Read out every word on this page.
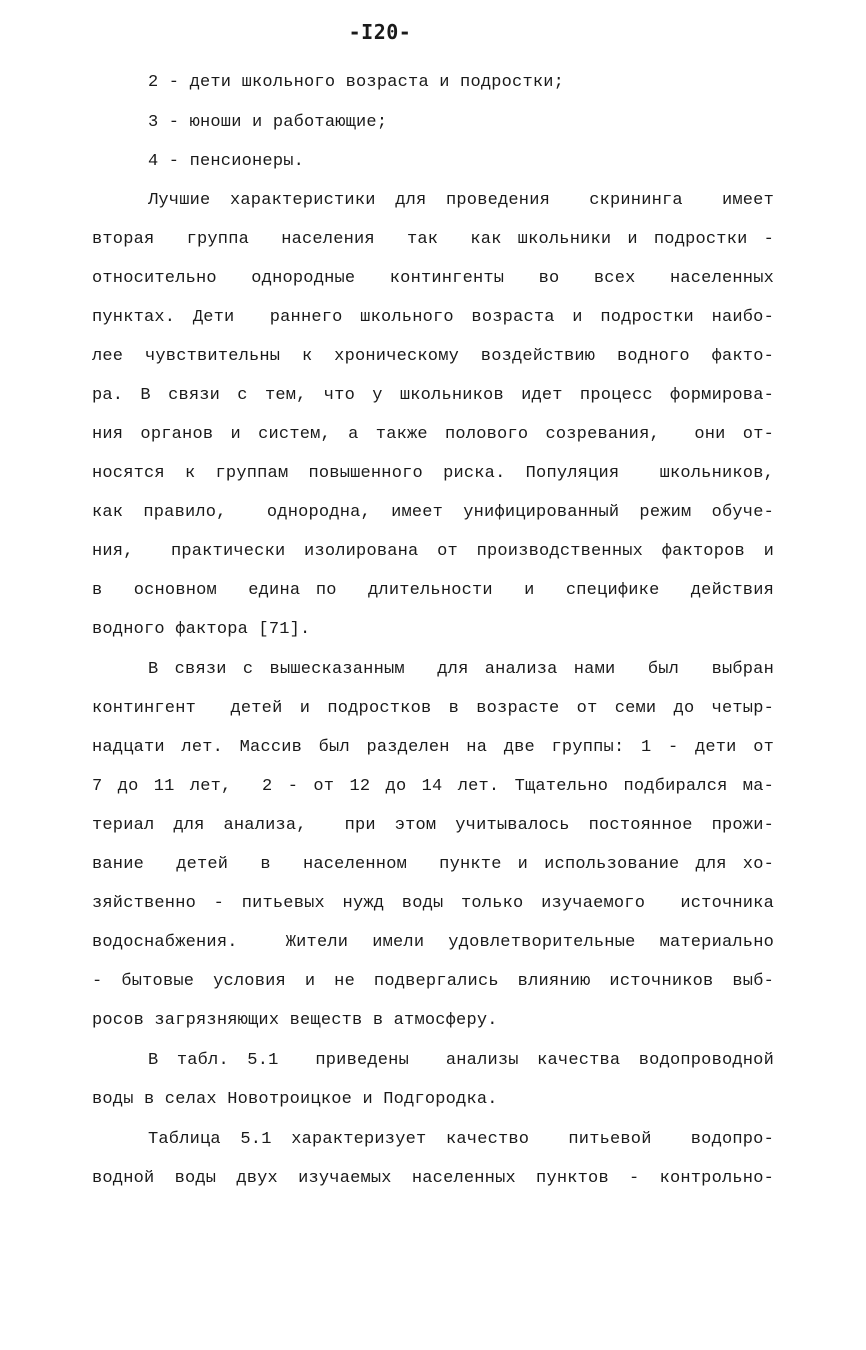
-I20-
2 - дети школьного возраста и подростки;
3 - юноши и работающие;
4 - пенсионеры.
Лучшие характеристики для проведения  скрининга  имеет
вторая  группа  населения  так  как школьники и подростки -
относительно  однородные  контингенты  во  всех  населенных
пунктах. Дети  раннего школьного возраста и подростки наибо-
лее чувствительны к хроническому воздействию водного факто-
ра. В связи с тем, что у школьников идет процесс формирова-
ния органов и систем, а также полового созревания,  они от-
носятся к группам повышенного риска. Популяция  школьников,
как правило,  однородна, имеет унифицированный режим обуче-
ния,  практически изолирована от производственных факторов и
в  основном  едина по  длительности  и  специфике  действия
водного фактора [71].
В связи с вышесказанным  для анализа нами  был  выбран
контингент  детей и подростков в возрасте от семи до четыр-
надцати лет. Массив был разделен на две группы: 1 - дети от
7 до 11 лет,  2 - от 12 до 14 лет. Тщательно подбирался ма-
териал для анализа,  при этом учитывалось постоянное прожи-
вание  детей  в  населенном  пункте и использование для хо-
зяйственно - питьевых нужд воды только изучаемого  источника
водоснабжения.  Жители имели удовлетворительные материально
- бытовые условия и не подвергались влиянию источников выб-
росов загрязняющих веществ в атмосферу.
В табл. 5.1  приведены  анализы качества водопроводной
воды в селах Новотроицкое и Подгородка.
Таблица 5.1 характеризует качество  питьевой  водопро-
водной воды двух изучаемых населенных пунктов - контрольно-
